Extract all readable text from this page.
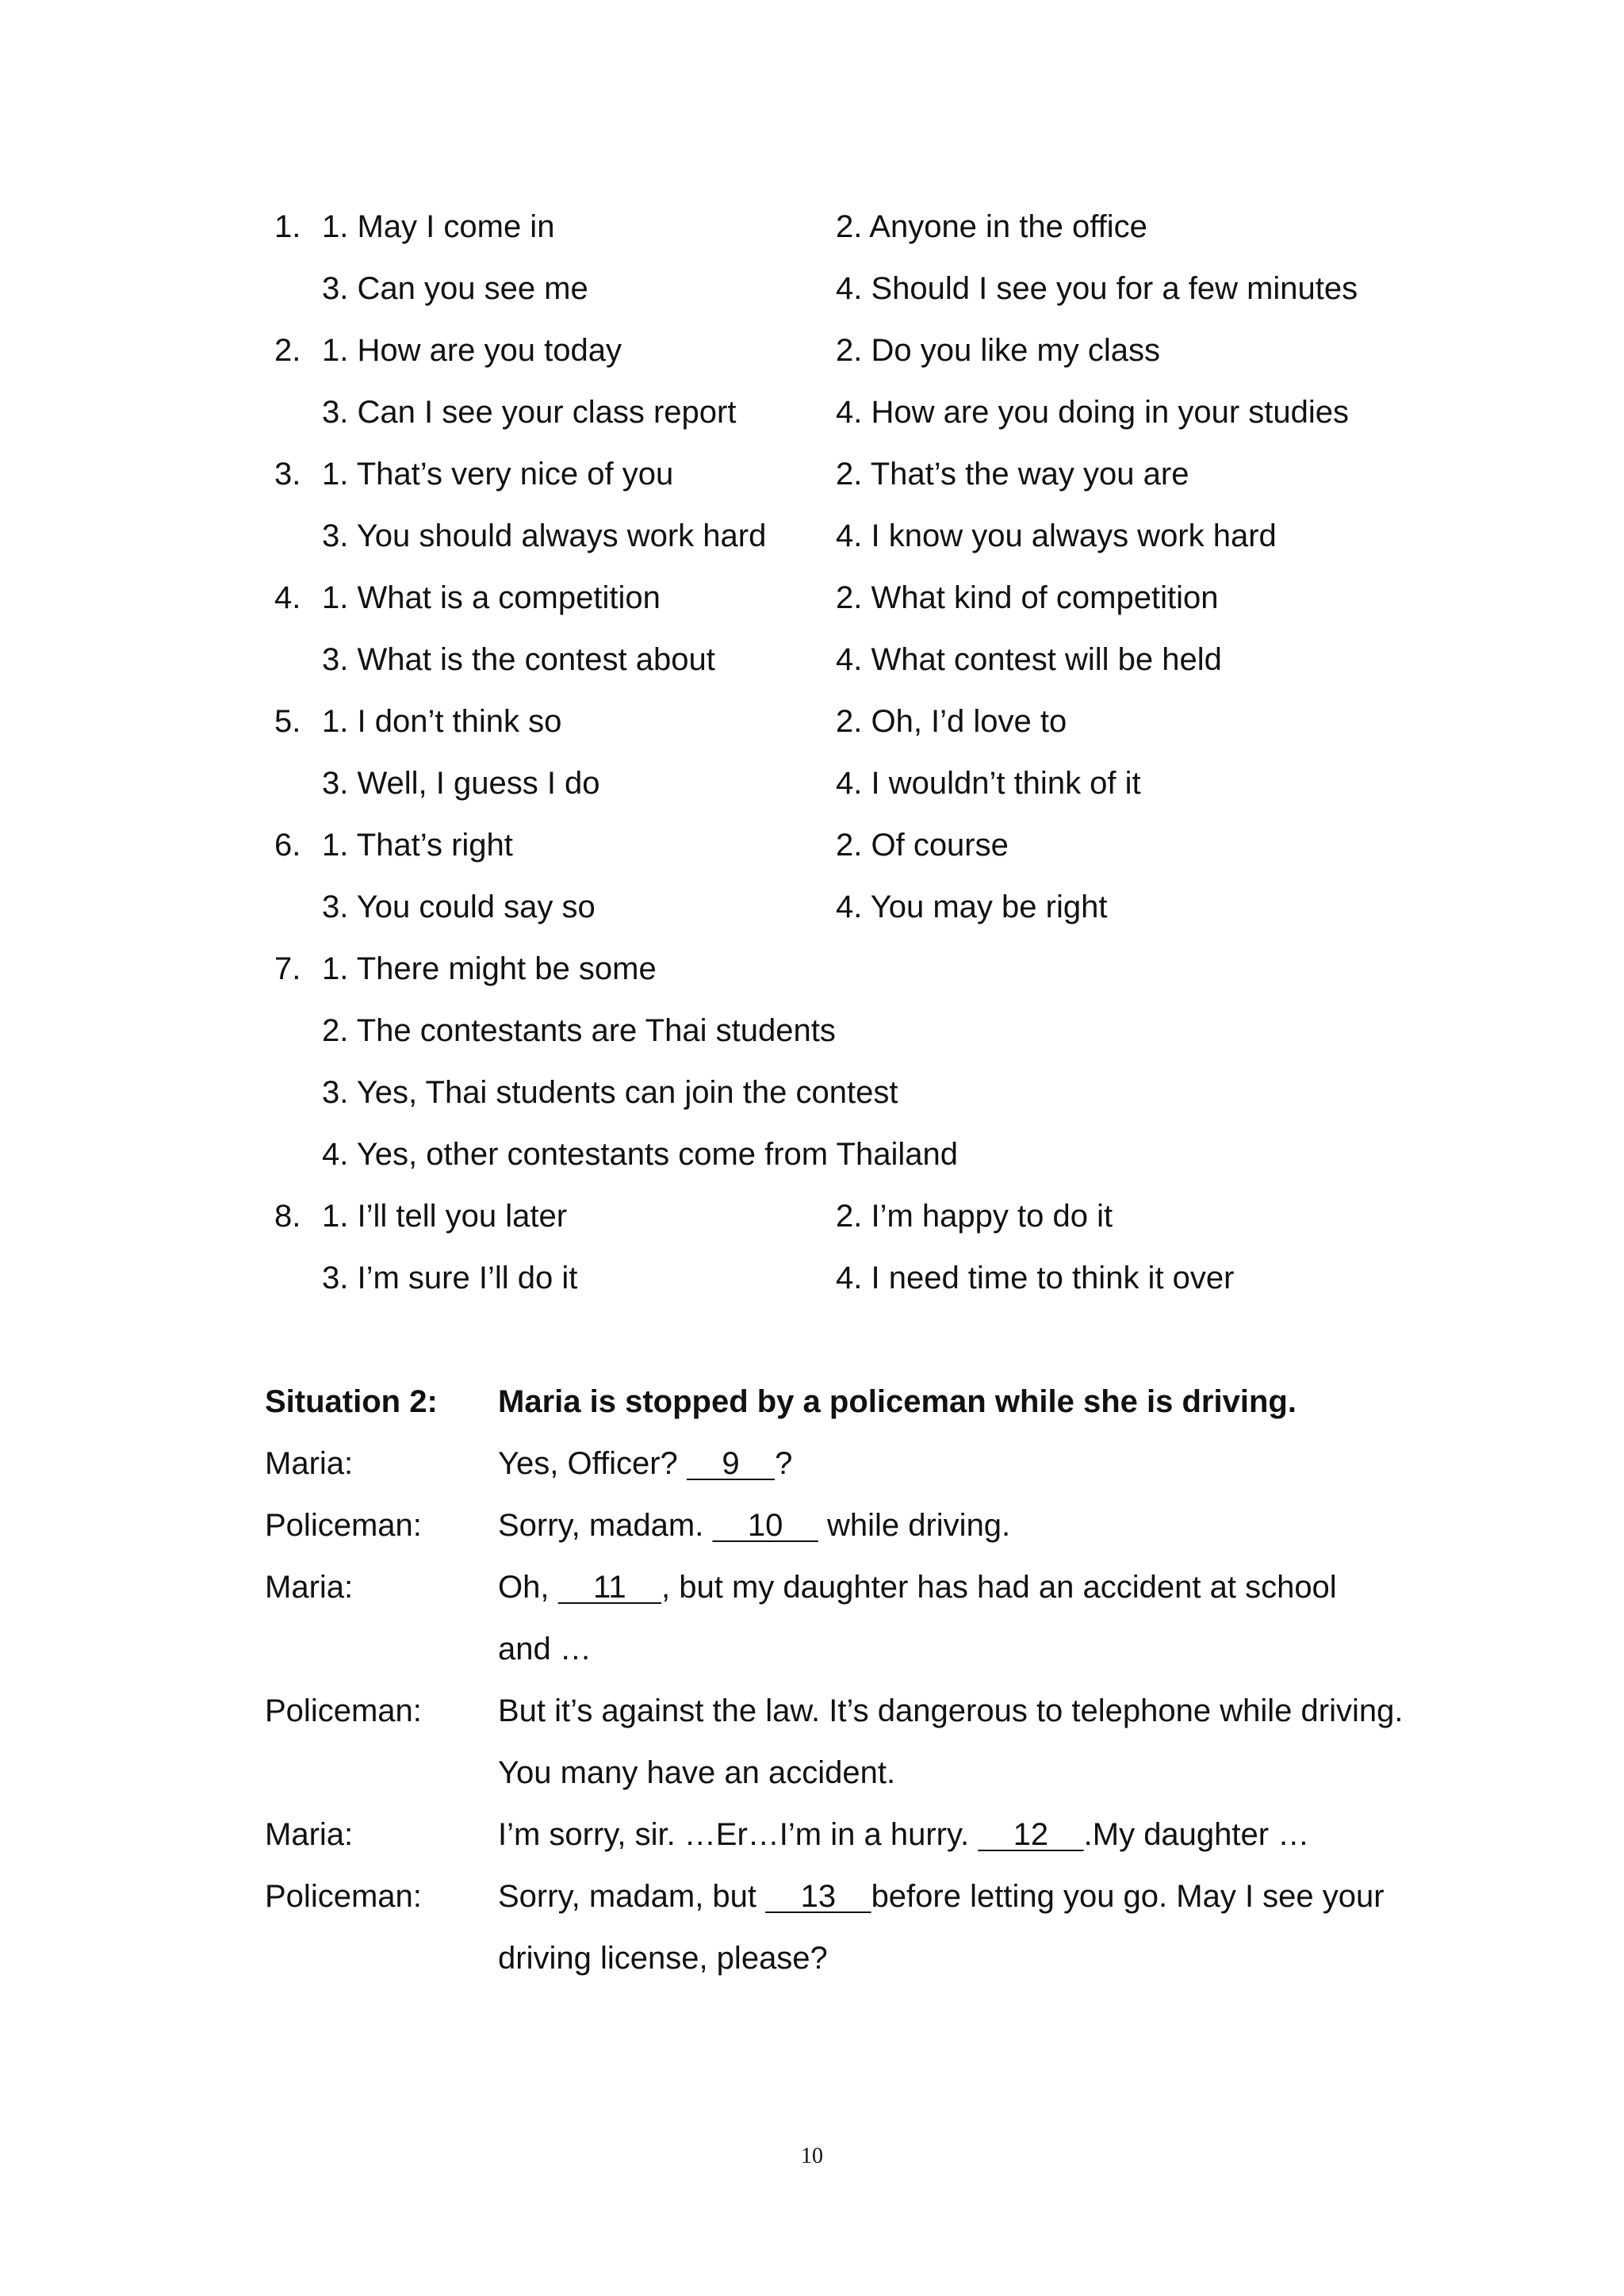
1. 1. May I come in	2. Anyone in the office
3. Can you see me	4. Should I see you for a few minutes
2. 1. How are you today	2. Do you like my class
3. Can I see your class report	4. How are you doing in your studies
3. 1. That’s very nice of you	2. That’s the way you are
3. You should always work hard 4. I know you always work hard
4. 1. What is a competition	2. What kind of competition
3. What is the contest about	4. What contest will be held
5. 1. I don’t think so	2. Oh, I’d love to
3. Well, I guess I do	4. I wouldn’t think of it
6. 1. That’s right	2. Of course
3. You could say so	4. You may be right
7. 1. There might be some
2. The contestants are Thai students
3. Yes, Thai students can join the contest
4. Yes, other contestants come from Thailand
8. 1. I’ll tell you later	2. I’m happy to do it
3. I’m sure I’ll do it	4. I need time to think it over
Situation 2: Maria is stopped by a policeman while she is driving.
Maria:	Yes, Officer?     9    ?
Policeman: Sorry, madam.     10     while driving.
Maria:	Oh,     11    , but my daughter has had an accident at school
and …
Policeman: But it’s against the law. It’s dangerous to telephone while driving.
You many have an accident.
Maria:	I’m sorry, sir. …Er…I’m in a hurry.     12    .My daughter …
Policeman: Sorry, madam, but     13    before letting you go. May I see your
driving license, please?
10
